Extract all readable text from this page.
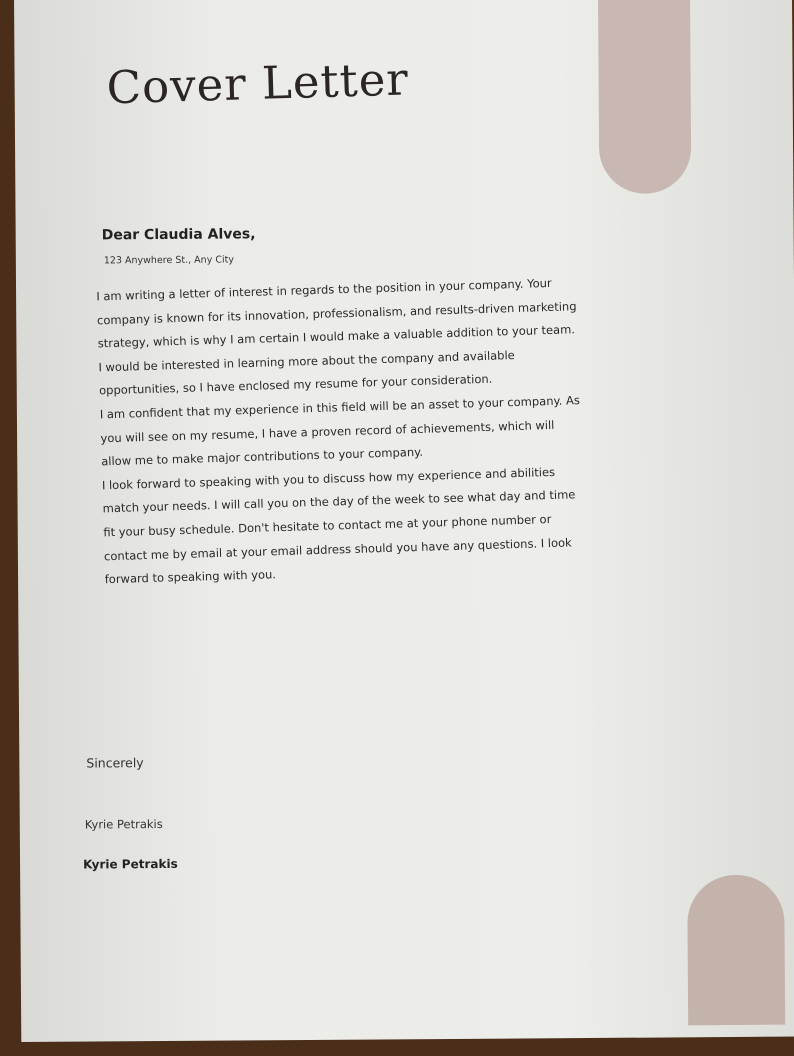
Cover Letter
Dear Claudia Alves,
123 Anywhere St., Any City
I am writing a letter of interest in regards to the position in your company. Your
company is known for its innovation, professionalism, and results-driven marketing
strategy, which is why I am certain I would make a valuable addition to your team.
I would be interested in learning more about the company and available
opportunities, so I have enclosed my resume for your consideration.
I am confident that my experience in this field will be an asset to your company. As
you will see on my resume, I have a proven record of achievements, which will
allow me to make major contributions to your company.
I look forward to speaking with you to discuss how my experience and abilities
match your needs. I will call you on the day of the week to see what day and time
fit your busy schedule. Don't hesitate to contact me at your phone number or
contact me by email at your email address should you have any questions. I look
forward to speaking with you.
Sincerely
Kyrie Petrakis
Kyrie Petrakis
